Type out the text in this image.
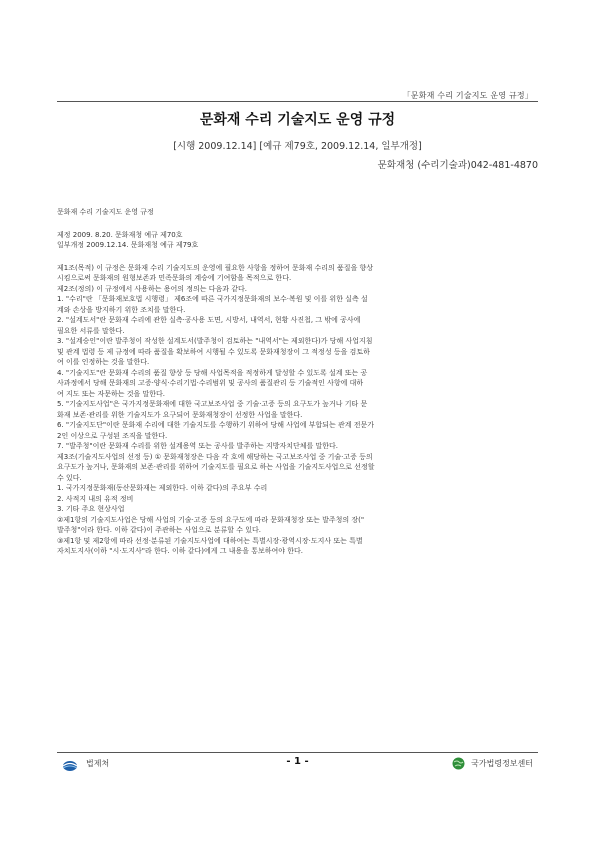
「문화재 수리 기술지도 운영 규정」
문화재 수리 기술지도 운영 규정
[시행 2009.12.14] [예규 제79호, 2009.12.14, 일부개정]
문화재청 (수리기술과)042-481-4870

문화재 수리 기술지도 운영 규정

제정 2009. 8.20. 문화재청 예규 제70호

일부개정 2009.12.14. 문화재청 예규 제79호

제1조(목적) 이 규정은 문화재 수리 기술지도의 운영에 필요한 사항을 정하여 문화재 수리의 품질을 향상

시킴으로써 문화재의 원형보존과 민족문화의 계승에 기여함을 목적으로 한다.

제2조(정의) 이 규정에서 사용하는 용어의 정의는 다음과 같다.

1. "수리"란 「문화재보호법 시행령」 제6조에 따른 국가지정문화재의 보수·복원 및 이를 위한 실측 설

계와 손상을 방지하기 위한 조치를 말한다.

2. "설계도서"란 문화재 수리에 관한 실측·공사용 도면, 시방서, 내역서, 현황 사진첩, 그 밖에 공사에

필요한 서류를 말한다.

3. "설계승인"이란 발주청이 작성한 설계도서(발주청이 검토하는 "내역서"는 제외한다)가 당해 사업지침

및 관계 법령 등 제 규정에 따라 품질을 확보하여 시행될 수 있도록 문화재청장이 그 적정성 등을 검토하

여 이를 인정하는 것을 말한다.

4. "기술지도"란 문화재 수리의 품질 향상 등 당해 사업목적을 적정하게 달성할 수 있도록 설계 또는 공

사과정에서 당해 문화재의 고증·양식·수리기법·수리범위 및 공사의 품질관리 등 기술적인 사항에 대하

여 지도 또는 자문하는 것을 말한다.

5. "기술지도사업"은 국가지정문화재에 대한 국고보조사업 중 기술·고증 등의 요구도가 높거나 기타 문

화재 보존·관리를 위한 기술지도가 요구되어 문화재청장이 선정한 사업을 말한다.

6. "기술지도단"이란 문화재 수리에 대한 기술지도를 수행하기 위하여 당해 사업에 부합되는 관계 전문가

2인 이상으로 구성된 조직을 말한다.

7. "발주청"이란 문화재 수리를 위한 설계용역 또는 공사를 발주하는 지방자치단체를 말한다.

제3조(기술지도사업의 선정 등) ① 문화재청장은 다음 각 호에 해당하는 국고보조사업 중 기술·고증 등의

요구도가 높거나, 문화재의 보존·관리를 위하여 기술지도를 필요로 하는 사업을 기술지도사업으로 선정할

수 있다.

1. 국가지정문화재(동산문화재는 제외한다. 이하 같다)의 주요부 수리

2. 사적지 내의 유적 정비

3. 기타 주요 현상사업

②제1항의 기술지도사업은 당해 사업의 기술·고증 등의 요구도에 따라 문화재청장 또는 발주청의 장("

발주청"이라 한다. 이하 같다)이 주관하는 사업으로 분류할 수 있다.

③제1항 및 제2항에 따라 선정·분류된 기술지도사업에 대하여는 특별시장·광역시장·도지사 또는 특별

자치도지사(이하 "시·도지사"라 한다. 이하 같다)에게 그 내용을 통보하여야 한다.

법제처	- 1 -	국가법령정보센터
